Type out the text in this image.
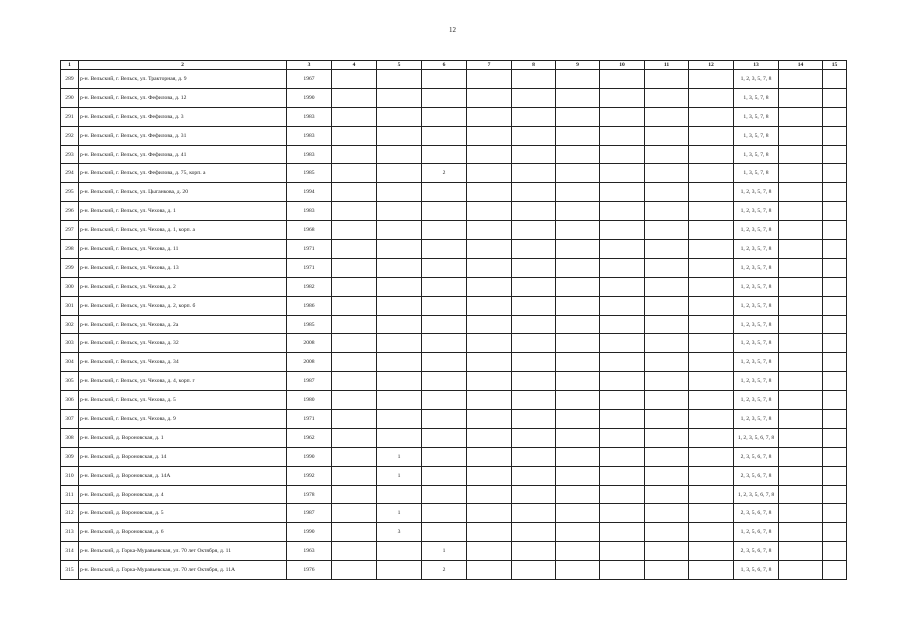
12
1	2	3	4	5	6	7	8	9	10	11	12	13	14	15
289	р-н. Вельский, г. Вельск, ул. Тракторная, д. 9	1967										1, 2, 3, 5, 7, 8		
290	р-н. Вельский, г. Вельск, ул. Фефилова, д. 12	1990										1, 3, 5, 7, 8		
291	р-н. Вельский, г. Вельск, ул. Фефилова, д. 3	1983										1, 3, 5, 7, 8		
292	р-н. Вельский, г. Вельск, ул. Фефилова, д. 31	1983										1, 3, 5, 7, 8		
293	р-н. Вельский, г. Вельск, ул. Фефилова, д. 41	1983										1, 3, 5, 7, 8		
294	р-н. Вельский, г. Вельск, ул. Фефилова, д. 75, корп. а	1985			2							1, 3, 5, 7, 8		
295	р-н. Вельский, г. Вельск, ул. Цыганкова, д. 20	1994										1, 2, 3, 5, 7, 8		
296	р-н. Вельский, г. Вельск, ул. Чехова, д. 1	1983										1, 2, 3, 5, 7, 8		
297	р-н. Вельский, г. Вельск, ул. Чехова, д. 1, корп. а	1968										1, 2, 3, 5, 7, 8		
298	р-н. Вельский, г. Вельск, ул. Чехова, д. 11	1971										1, 2, 3, 5, 7, 8		
299	р-н. Вельский, г. Вельск, ул. Чехова, д. 13	1971										1, 2, 3, 5, 7, 8		
300	р-н. Вельский, г. Вельск, ул. Чехова, д. 2	1982										1, 2, 3, 5, 7, 8		
301	р-н. Вельский, г. Вельск, ул. Чехова, д. 2, корп. б	1986										1, 2, 3, 5, 7, 8		
302	р-н. Вельский, г. Вельск, ул. Чехова, д. 2а	1985										1, 2, 3, 5, 7, 8		
303	р-н. Вельский, г. Вельск, ул. Чехова, д. 32	2008										1, 2, 3, 5, 7, 8		
304	р-н. Вельский, г. Вельск, ул. Чехова, д. 34	2008										1, 2, 3, 5, 7, 8		
305	р-н. Вельский, г. Вельск, ул. Чехова, д. 4, корп. г	1987										1, 2, 3, 5, 7, 8		
306	р-н. Вельский, г. Вельск, ул. Чехова, д. 5	1980										1, 2, 3, 5, 7, 8		
307	р-н. Вельский, г. Вельск, ул. Чехова, д. 9	1971										1, 2, 3, 5, 7, 8		
308	р-н. Вельский, д. Вороновская, д. 1	1962										1, 2, 3, 5, 6, 7, 8		
309	р-н. Вельский, д. Вороновская, д. 14	1990		1								2, 3, 5, 6, 7, 8		
310	р-н. Вельский, д. Вороновская, д. 14А	1992		1								2, 3, 5, 6, 7, 8		
311	р-н. Вельский, д. Вороновская, д. 4	1978										1, 2, 3, 5, 6, 7, 8		
312	р-н. Вельский, д. Вороновская, д. 5	1987		1								2, 3, 5, 6, 7, 8		
313	р-н. Вельский, д. Вороновская, д. 6	1990		3								1, 2, 5, 6, 7, 8		
314	р-н. Вельский, д. Горка-Муравьевская, ул. 70 лет Октября, д. 11	1963			1							2, 3, 5, 6, 7, 8		
315	р-н. Вельский, д. Горка-Муравьевская, ул. 70 лет Октября, д. 11А	1976			2							1, 3, 5, 6, 7, 8		
